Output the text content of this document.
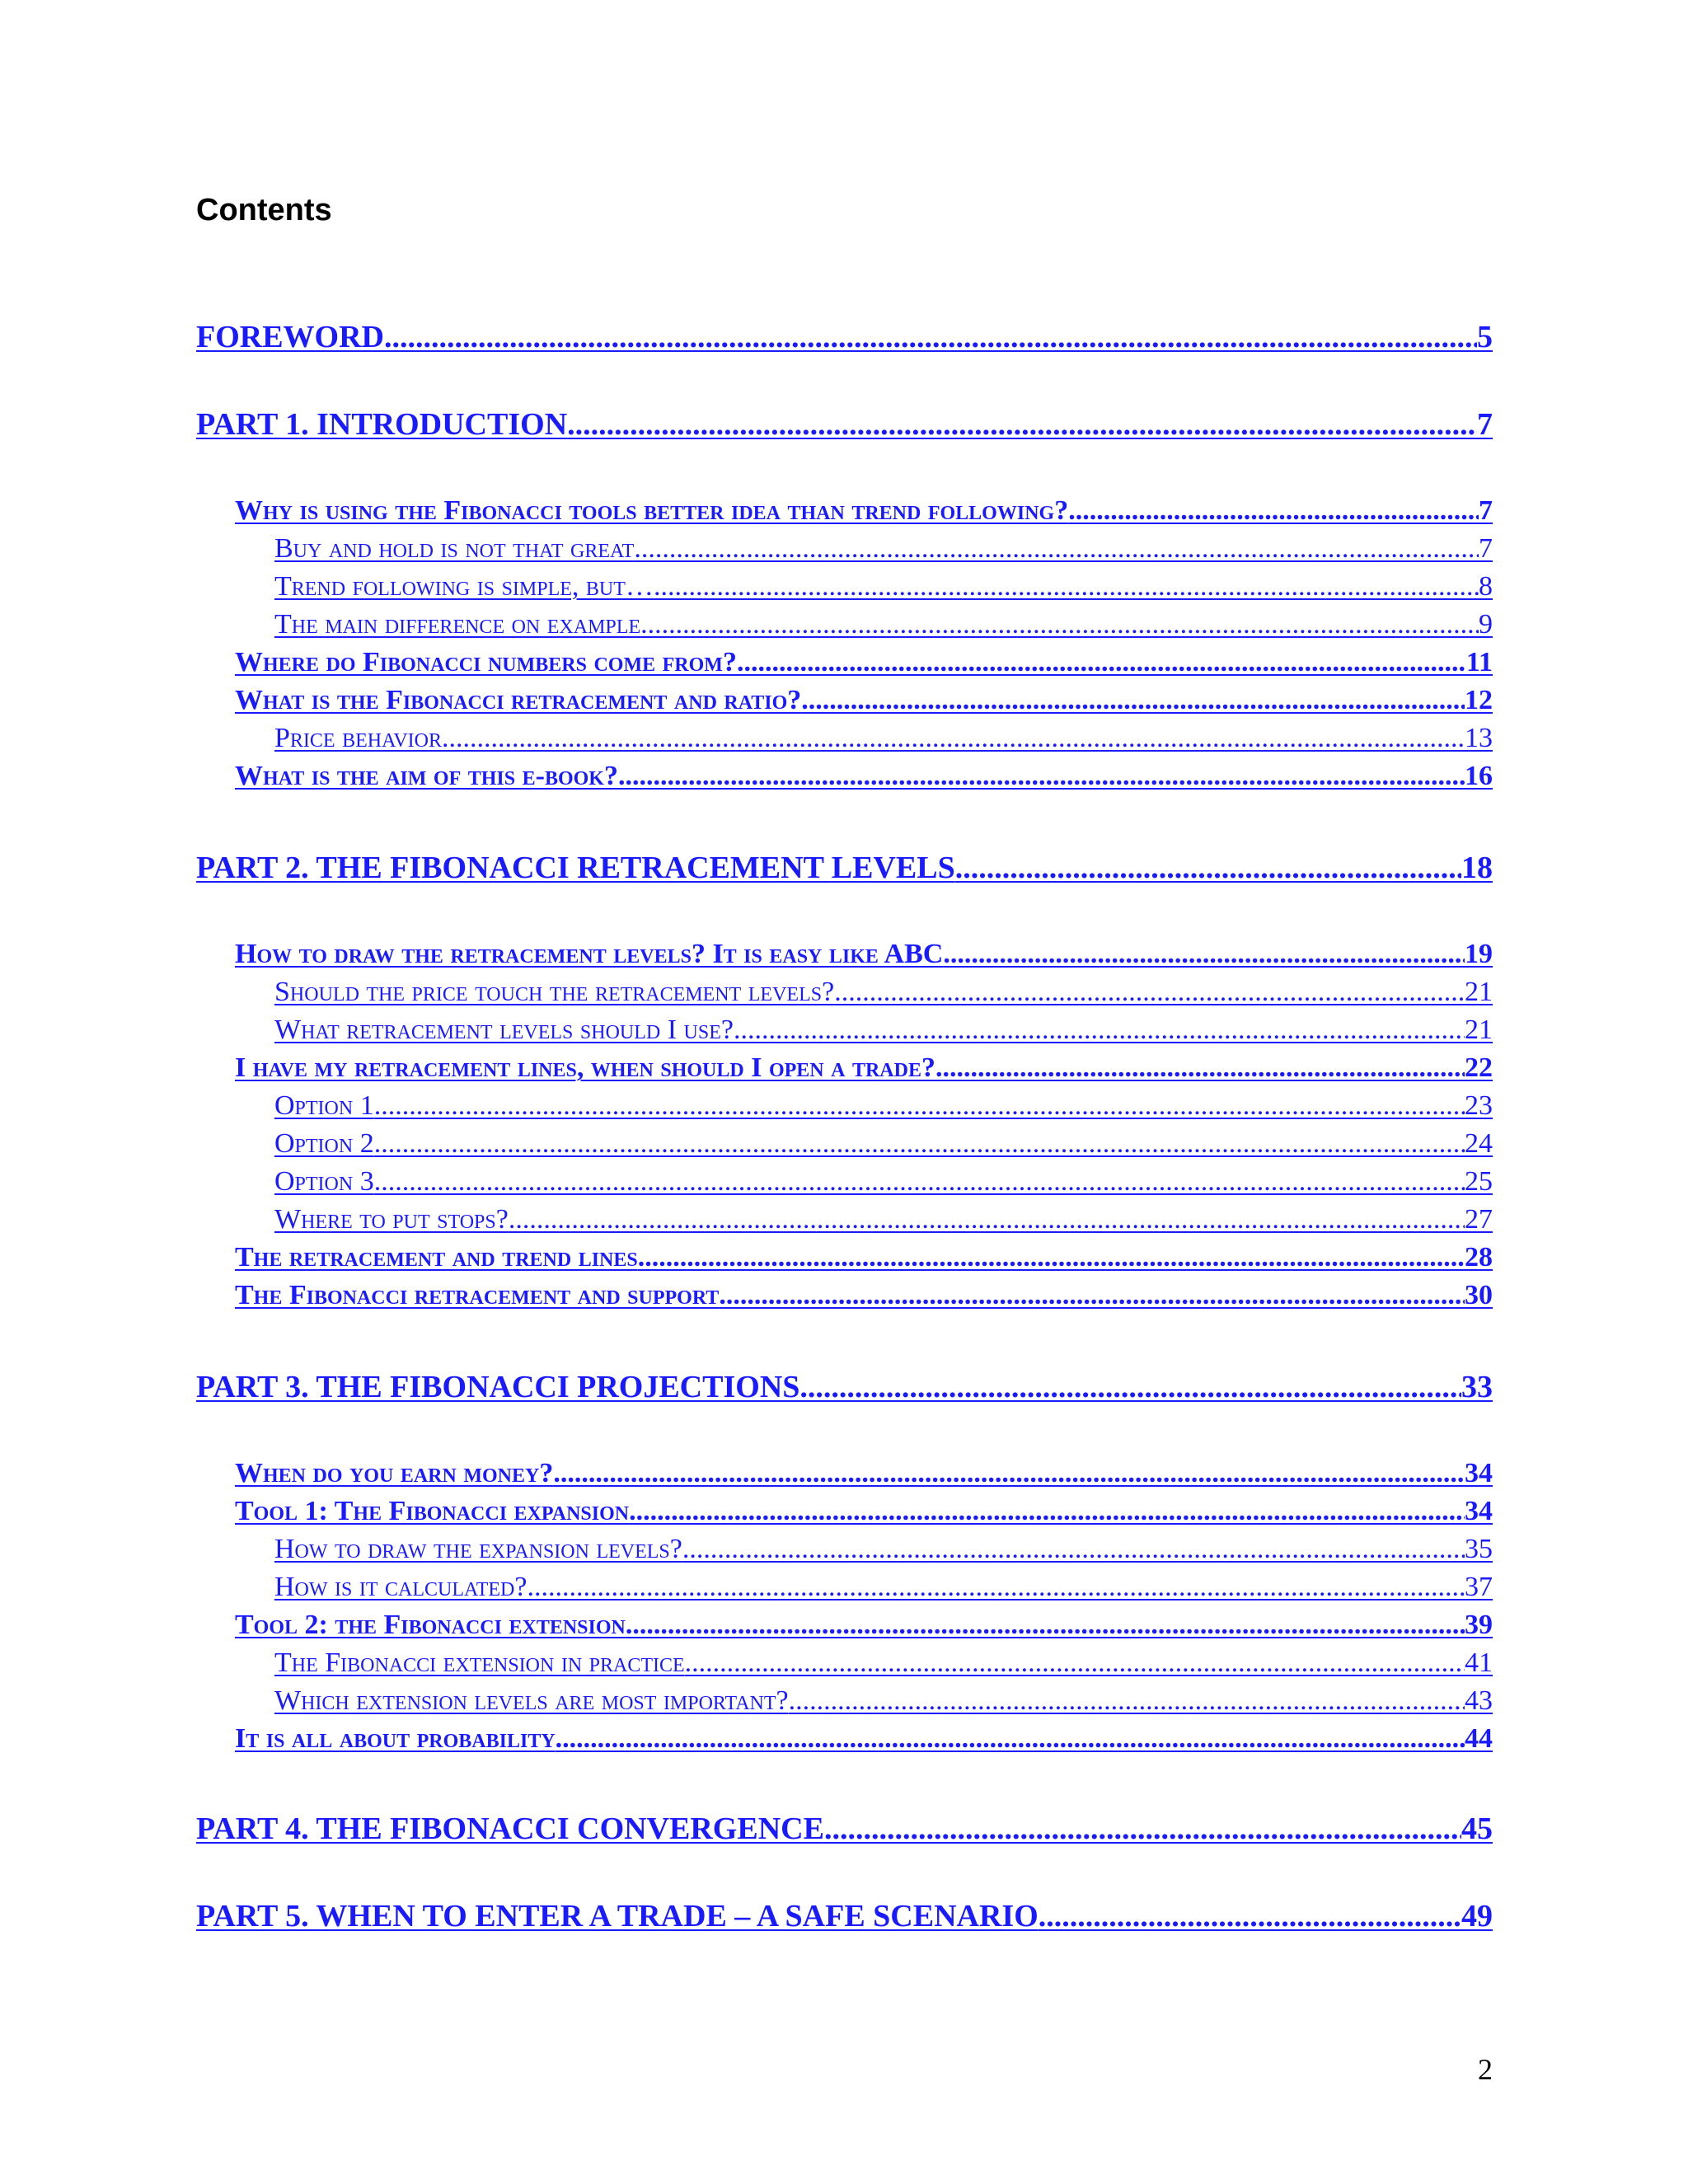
Contents
FOREWORD .....	5
PART 1. INTRODUCTION .....	7
Why is using the Fibonacci tools better idea than trend following? .....	7
Buy and hold is not that great .....	7
Trend following is simple, but… .....	8
The main difference on example .....	9
Where do Fibonacci numbers come from? .....	11
What is the Fibonacci retracement and ratio? .....	12
Price behavior .....	13
What is the aim of this e-book? .....	16
PART 2. THE FIBONACCI RETRACEMENT LEVELS .....	18
How to draw the retracement levels? It is easy like ABC .....	19
Should the price touch the retracement levels? .....	21
What retracement levels should I use? .....	21
I have my retracement lines, when should I open a trade? .....	22
Option 1 .....	23
Option 2 .....	24
Option 3 .....	25
Where to put stops? .....	27
The retracement and trend lines .....	28
The Fibonacci retracement and support .....	30
PART 3. THE FIBONACCI PROJECTIONS .....	33
When do you earn money? .....	34
Tool 1: The Fibonacci expansion .....	34
How to draw the expansion levels? .....	35
How is it calculated? .....	37
Tool 2: the Fibonacci extension .....	39
The Fibonacci extension in practice .....	41
Which extension levels are most important? .....	43
It is all about probability .....	44
PART 4. THE FIBONACCI CONVERGENCE .....	45
PART 5. WHEN TO ENTER A TRADE – A SAFE SCENARIO .....	49
2
